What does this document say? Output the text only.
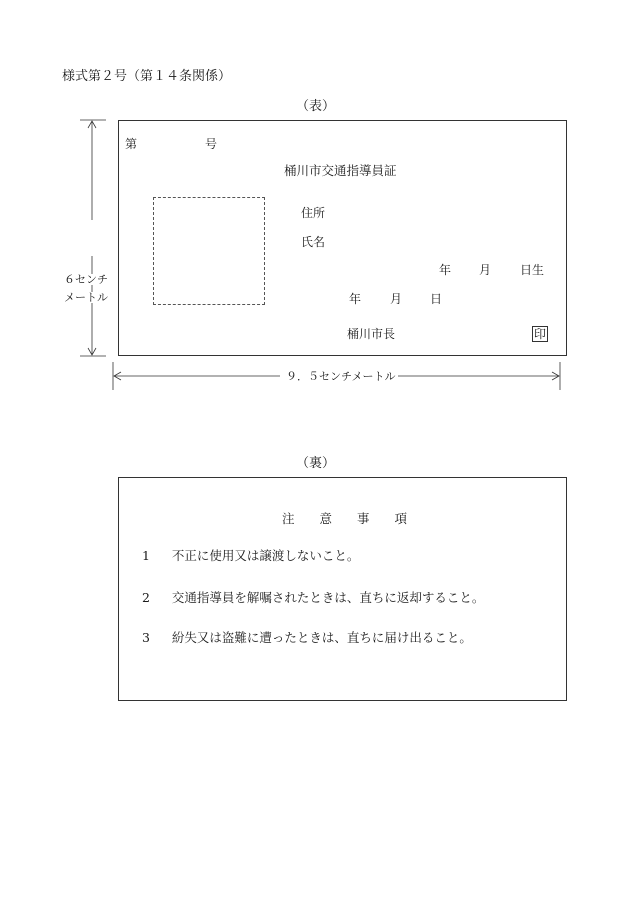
様式第２号（第１４条関係）
（表）
第	号
桶川市交通指導員証
住所
氏名
年 月 日生
年 月 日
桶川市長	印
６センチ
メートル
９．５センチメートル
（裏）
注　　意　　事　　項
1 不正に使用又は譲渡しないこと。
2 交通指導員を解嘱されたときは、直ちに返却すること。
3 紛失又は盗難に遭ったときは、直ちに届け出ること。
